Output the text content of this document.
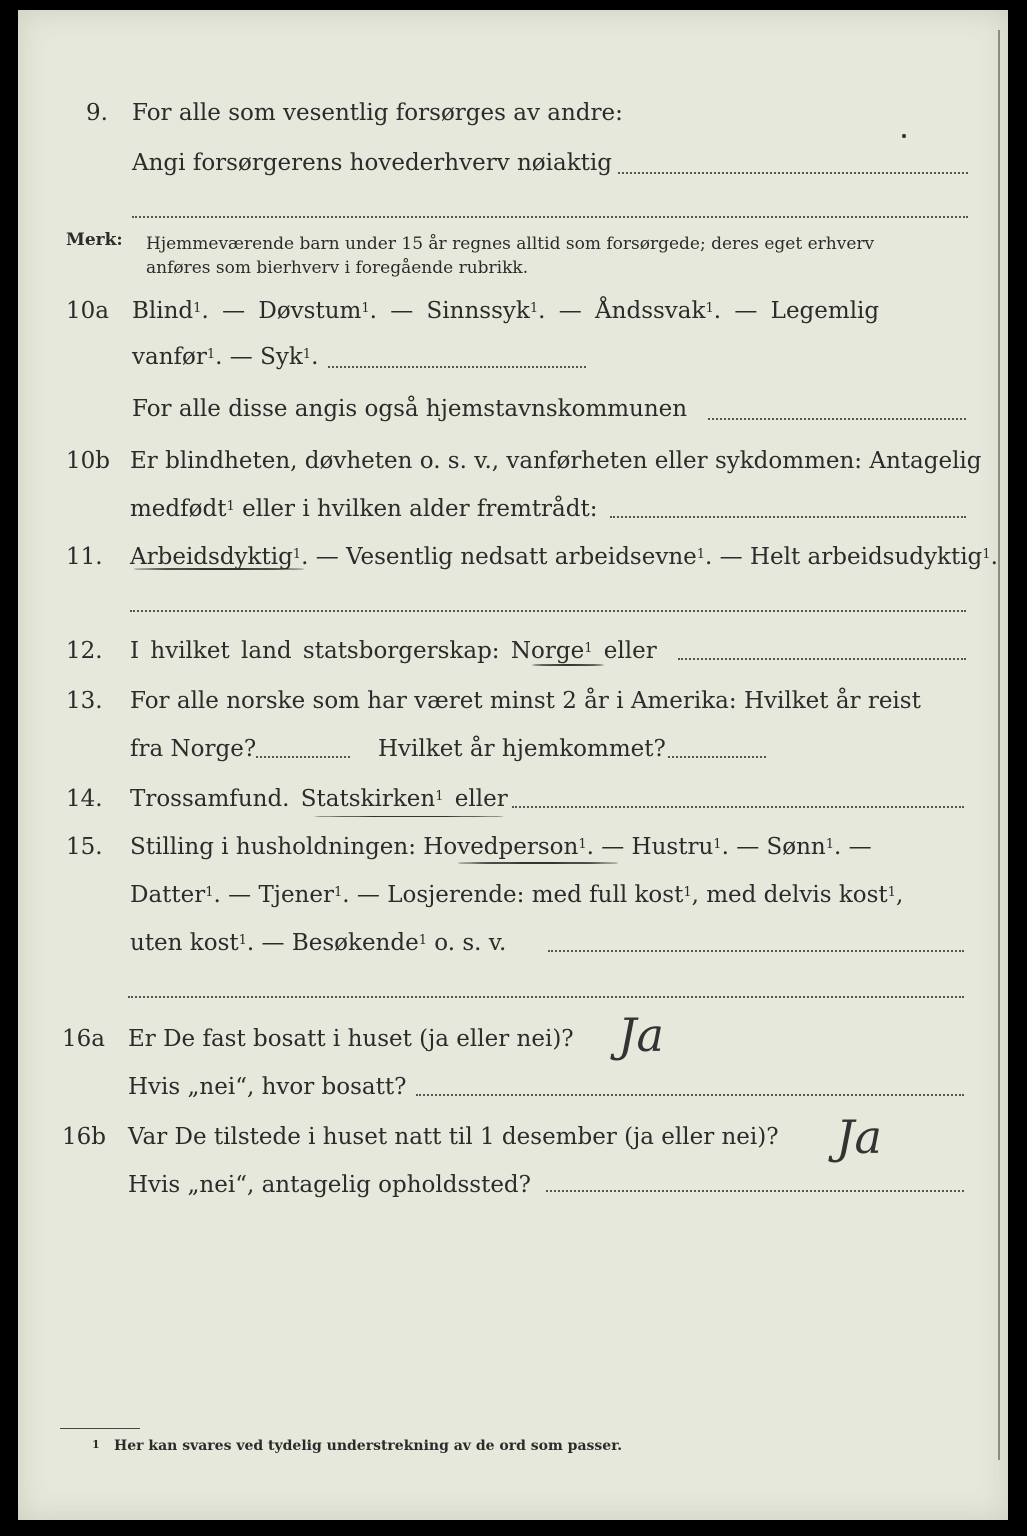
9. For alle som vesentlig forsørges av andre:
Angi forsørgerens hovederhverv nøiaktig
Merk: Hjemmeværende barn under 15 år regnes alltid som forsørgede; deres eget erhverv
anføres som bierhverv i foregående rubrikk.
10a Blind$^1$. — Døvstum$^1$. — Sinnssyk$^1$. — Åndssvak$^1$. — Legemlig
vanfør$^1$. — Syk$^1$.
For alle disse angis også hjemstavnskommunen
10b Er blindheten, døvheten o. s. v., vanførheten eller sykdommen: Antagelig
medfødt$^1$ eller i hvilken alder fremtrådt:
11. Arbeidsdyktig$^1$. — Vesentlig nedsatt arbeidsevne$^1$. — Helt arbeidsudyktig$^1$.
12. I hvilket land statsborgerskap: Norge$^1$ eller
13. For alle norske som har været minst 2 år i Amerika: Hvilket år reist
fra Norge?	Hvilket år hjemkommet?
14. Trossamfund. Statskirken$^1$ eller
15. Stilling i husholdningen: Hovedperson$^1$. — Hustru$^1$. — Sønn$^1$. —
Datter$^1$. — Tjener$^1$. — Losjerende: med full kost$^1$, med delvis kost$^1$,
uten kost$^1$. — Besøkende$^1$ o. s. v.
16a Er De fast bosatt i huset (ja eller nei)? Ja
Hvis „nei“, hvor bosatt?
16b Var De tilstede i huset natt til 1 desember (ja eller nei)? Ja
Hvis „nei“, antagelig opholdssted?
1 Her kan svares ved tydelig understrekning av de ord som passer.
